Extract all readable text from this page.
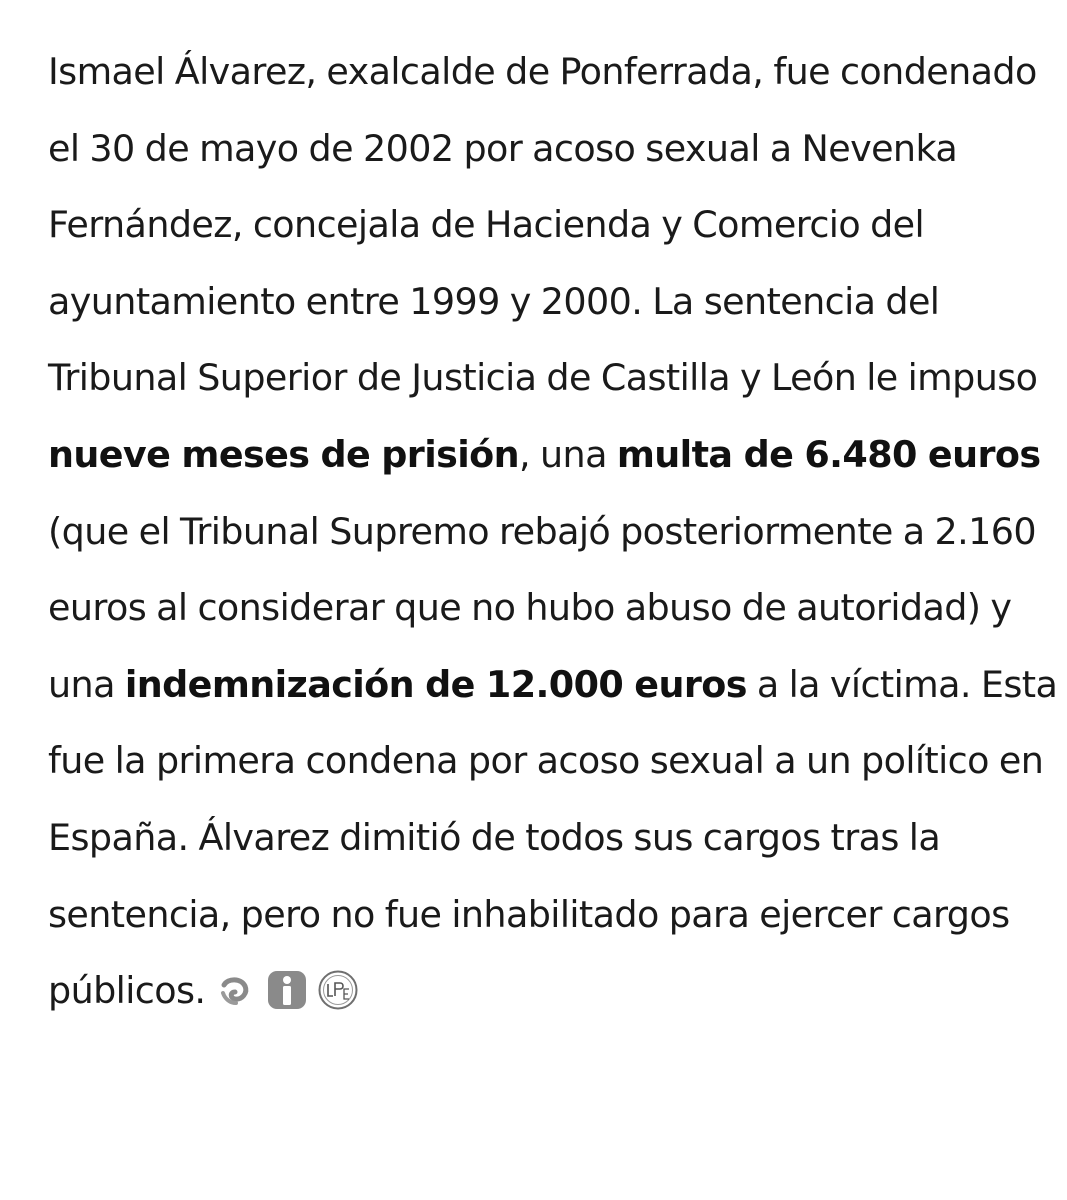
Ismael Álvarez, exalcalde de Ponferrada, fue condenado el 30 de mayo de 2002 por acoso sexual a Nevenka Fernández, concejala de Hacienda y Comercio del ayuntamiento entre 1999 y 2000. La sentencia del Tribunal Superior de Justicia de Castilla y León le impuso nueve meses de prisión, una multa de 6.480 euros (que el Tribunal Supremo rebajó posteriormente a 2.160 euros al considerar que no hubo abuso de autoridad) y una indemnización de 12.000 euros a la víctima. Esta fue la primera condena por acoso sexual a un político en España. Álvarez dimitió de todos sus cargos tras la sentencia, pero no fue inhabilitado para ejercer cargos públicos.
